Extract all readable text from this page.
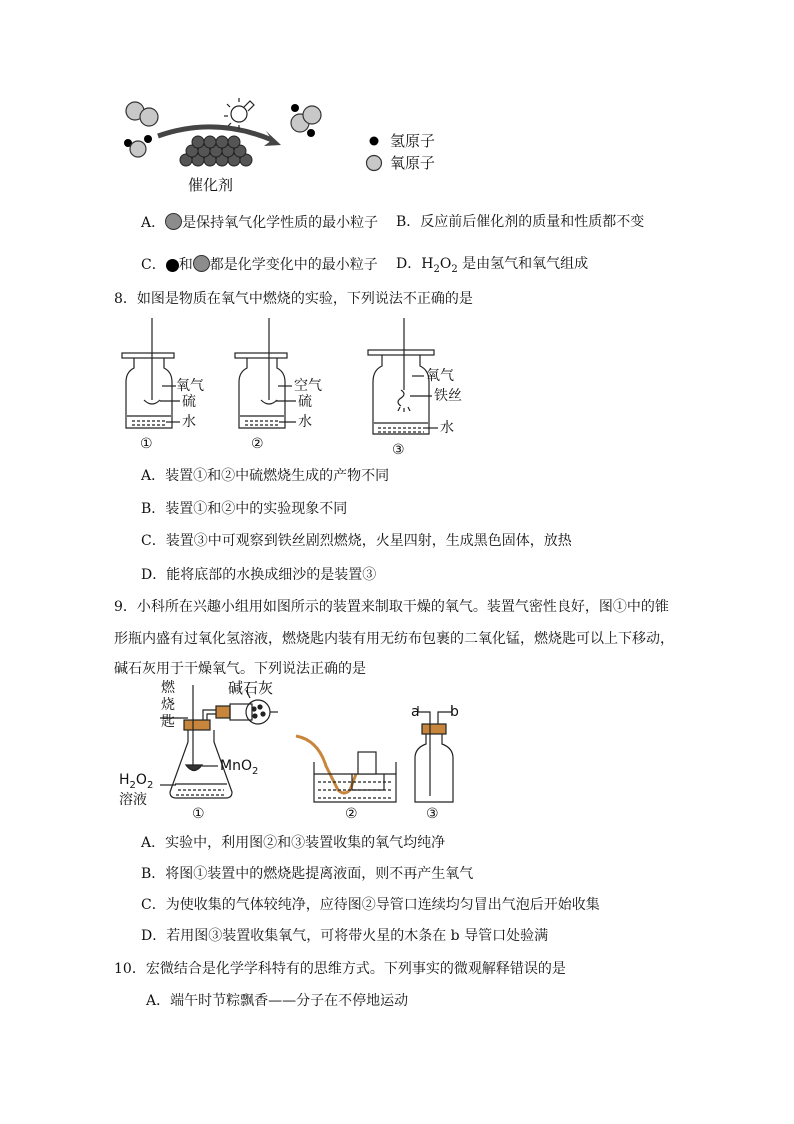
氢原子
氧原子
催化剂
A． 是保持氧气化学性质的最小粒子 B．反应前后催化剂的质量和性质都不变
C． 和 都是化学变化中的最小粒子 D．$H_2O_2$ 是由氢气和氧气组成
8．如图是物质在氧气中燃烧的实验，下列说法不正确的是
氧气
硫
水
①
空气
硫
水
②
氧气
铁丝
水
③
A．装置①和②中硫燃烧生成的产物不同
B．装置①和②中的实验现象不同
C．装置③中可观察到铁丝剧烈燃烧，火星四射，生成黑色固体，放热
D．能将底部的水换成细沙的是装置③
9．小科所在兴趣小组用如图所示的装置来制取干燥的氧气。装置气密性良好，图①中的锥
形瓶内盛有过氧化氢溶液，燃烧匙内装有用无纺布包裹的二氧化锰，燃烧匙可以上下移动，
碱石灰用于干燥氧气。下列说法正确的是
燃
烧
匙
碱石灰
MnO$_2$
$H_2O_2$
溶液
①	②	③
a b
A．实验中，利用图②和③装置收集的氧气均纯净
B．将图①装置中的燃烧匙提离液面，则不再产生氧气
C．为使收集的气体较纯净，应待图②导管口连续均匀冒出气泡后开始收集
D．若用图③装置收集氧气，可将带火星的木条在 b 导管口处验满
10．宏微结合是化学学科特有的思维方式。下列事实的微观解释错误的是
A．端午时节粽飘香——分子在不停地运动
